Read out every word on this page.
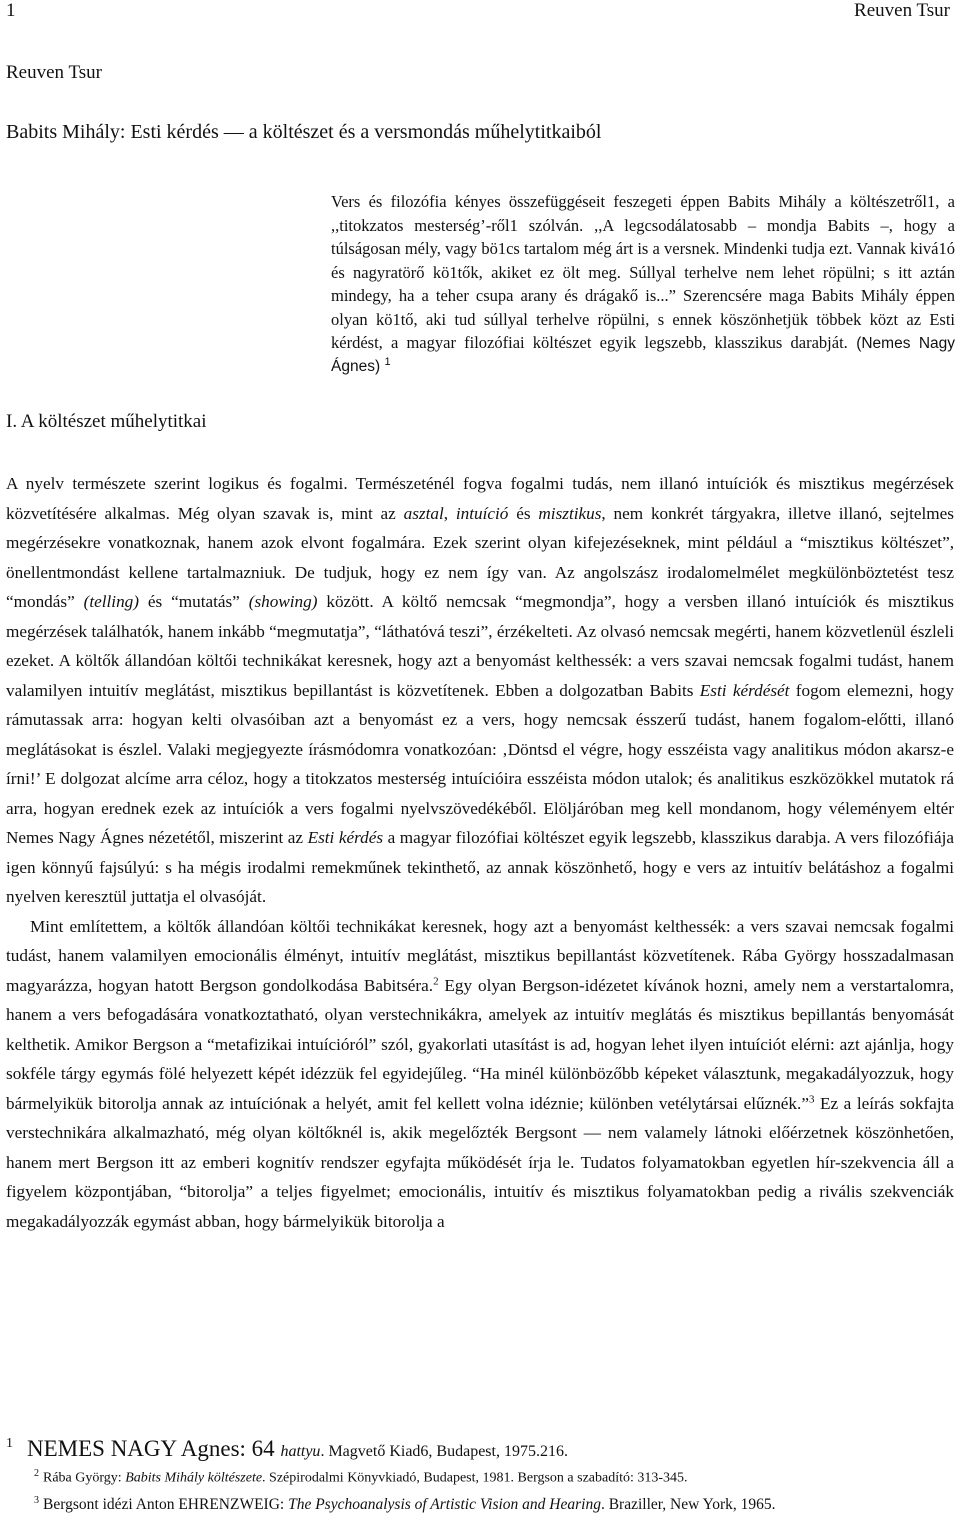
1	Reuven Tsur
Reuven Tsur
Babits Mihály: Esti kérdés — a költészet és a versmondás műhelytitkaiból
Vers és filozófia kényes összefüggéseit feszegeti éppen Babits Mihály a költészetről1, a ,,titokzatos mesterség’-ről1 szólván. ,,A legcsodálatosabb – mondja Babits –, hogy a túlságosan mély, vagy bö1cs tartalom még árt is a versnek. Mindenki tudja ezt. Vannak kivá1ó és nagyratörő kö1tők, akiket ez ölt meg. Súllyal terhelve nem lehet röpülni; s itt aztán mindegy, ha a teher csupa arany és drágakő is...” Szerencsére maga Babits Mihály éppen olyan kö1tő, aki tud súllyal terhelve röpülni, s ennek köszönhetjük többek közt az Esti kérdést, a magyar filozófiai költészet egyik legszebb, klasszikus darabját. (Nemes Nagy Ágnes) $^1$
I. A költészet műhelytitkai

A nyelv természete szerint logikus és fogalmi. Természeténél fogva fogalmi tudás, nem illanó intuíciók és misztikus megérzések közvetítésére alkalmas. Még olyan szavak is, mint az asztal, intuíció és misztikus, nem konkrét tárgyakra, illetve illanó, sejtelmes megérzésekre vonatkoznak, hanem azok elvont fogalmára. Ezek szerint olyan kifejezéseknek, mint például a “misztikus költészet”, önellentmondást kellene tartalmazniuk. De tudjuk, hogy ez nem így van. Az angolszász irodalomelmélet megkülönböztetést tesz “mondás” (telling) és “mutatás” (showing) között. A költő nemcsak “megmondja”, hogy a versben illanó intuíciók és misztikus megérzések találhatók, hanem inkább “megmutatja”, “láthatóvá teszi”, érzékelteti. Az olvasó nemcsak megérti, hanem közvetlenül észleli ezeket. A költők állandóan költői technikákat keresnek, hogy azt a benyomást kelthessék: a vers szavai nemcsak fogalmi tudást, hanem valamilyen intuitív meglátást, misztikus bepillantást is közvetítenek. Ebben a dolgozatban Babits Esti kérdését fogom elemezni, hogy rámutassak arra: hogyan kelti olvasóiban azt a benyomást ez a vers, hogy nemcsak ésszerű tudást, hanem fogalom-előtti, illanó meglátásokat is észlel. Valaki megjegyezte írásmódomra vonatkozóan: ‚Döntsd el végre, hogy esszéista vagy analitikus módon akarsz-e írni!’ E dolgozat alcíme arra céloz, hogy a titokzatos mesterség intuícióira esszéista módon utalok; és analitikus eszközökkel mutatok rá arra, hogyan erednek ezek az intuíciók a vers fogalmi nyelvszövedékéből. Elöljáróban meg kell mondanom, hogy véleményem eltér Nemes Nagy Ágnes nézetétől, miszerint az Esti kérdés a magyar filozófiai költészet egyik legszebb, klasszikus darabja. A vers filozófiája igen könnyű fajsúlyú: s ha mégis irodalmi remekműnek tekinthető, az annak köszönhető, hogy e vers az intuitív belátáshoz a fogalmi nyelven keresztül juttatja el olvasóját.

Mint említettem, a költők állandóan költői technikákat keresnek, hogy azt a benyomást kelthessék: a vers szavai nemcsak fogalmi tudást, hanem valamilyen emocionális élményt, intuitív meglátást, misztikus bepillantást közvetítenek. Rába György hosszadalmasan magyarázza, hogyan hatott Bergson gondolkodása Babitséra.$^2$ Egy olyan Bergson-idézetet kívánok hozni, amely nem a verstartalomra, hanem a vers befogadására vonatkoztatható, olyan verstechnikákra, amelyek az intuitív meglátás és misztikus bepillantás benyomását kelthetik. Amikor Bergson a “metafizikai intuícióról” szól, gyakorlati utasítást is ad, hogyan lehet ilyen intuíciót elérni: azt ajánlja, hogy sokféle tárgy egymás fölé helyezett képét idézzük fel egyidejűleg. “Ha minél különbözőbb képeket választunk, megakadályozzuk, hogy bármelyikük bitorolja annak az intuíciónak a helyét, amit fel kellett volna idéznie; különben vetélytársai elűznék.”$^3$ Ez a leírás sokfajta verstechnikára alkalmazható, még olyan költőknél is, akik megelőzték Bergsont — nem valamely látnoki előérzetnek köszönhetően, hanem mert Bergson itt az emberi kognitív rendszer egyfajta működését írja le. Tudatos folyamatokban egyetlen hír-szekvencia áll a figyelem központjában, “bitorolja” a teljes figyelmet; emocionális, intuitív és misztikus folyamatokban pedig a rivális szekvenciák megakadályozzák egymást abban, hogy bármelyikük bitorolja a

$^1$ NEMES NAGY Agnes: 64 hattyu. Magvető Kiad6, Budapest, 1975.216.
$^2$ Rába György: Babits Mihály költészete. Szépirodalmi Könyvkiadó, Budapest, 1981. Bergson a szabadító: 313-345.
$^3$ Bergsont idézi Anton EHRENZWEIG: The Psychoanalysis of Artistic Vision and Hearing. Braziller, New York, 1965.
